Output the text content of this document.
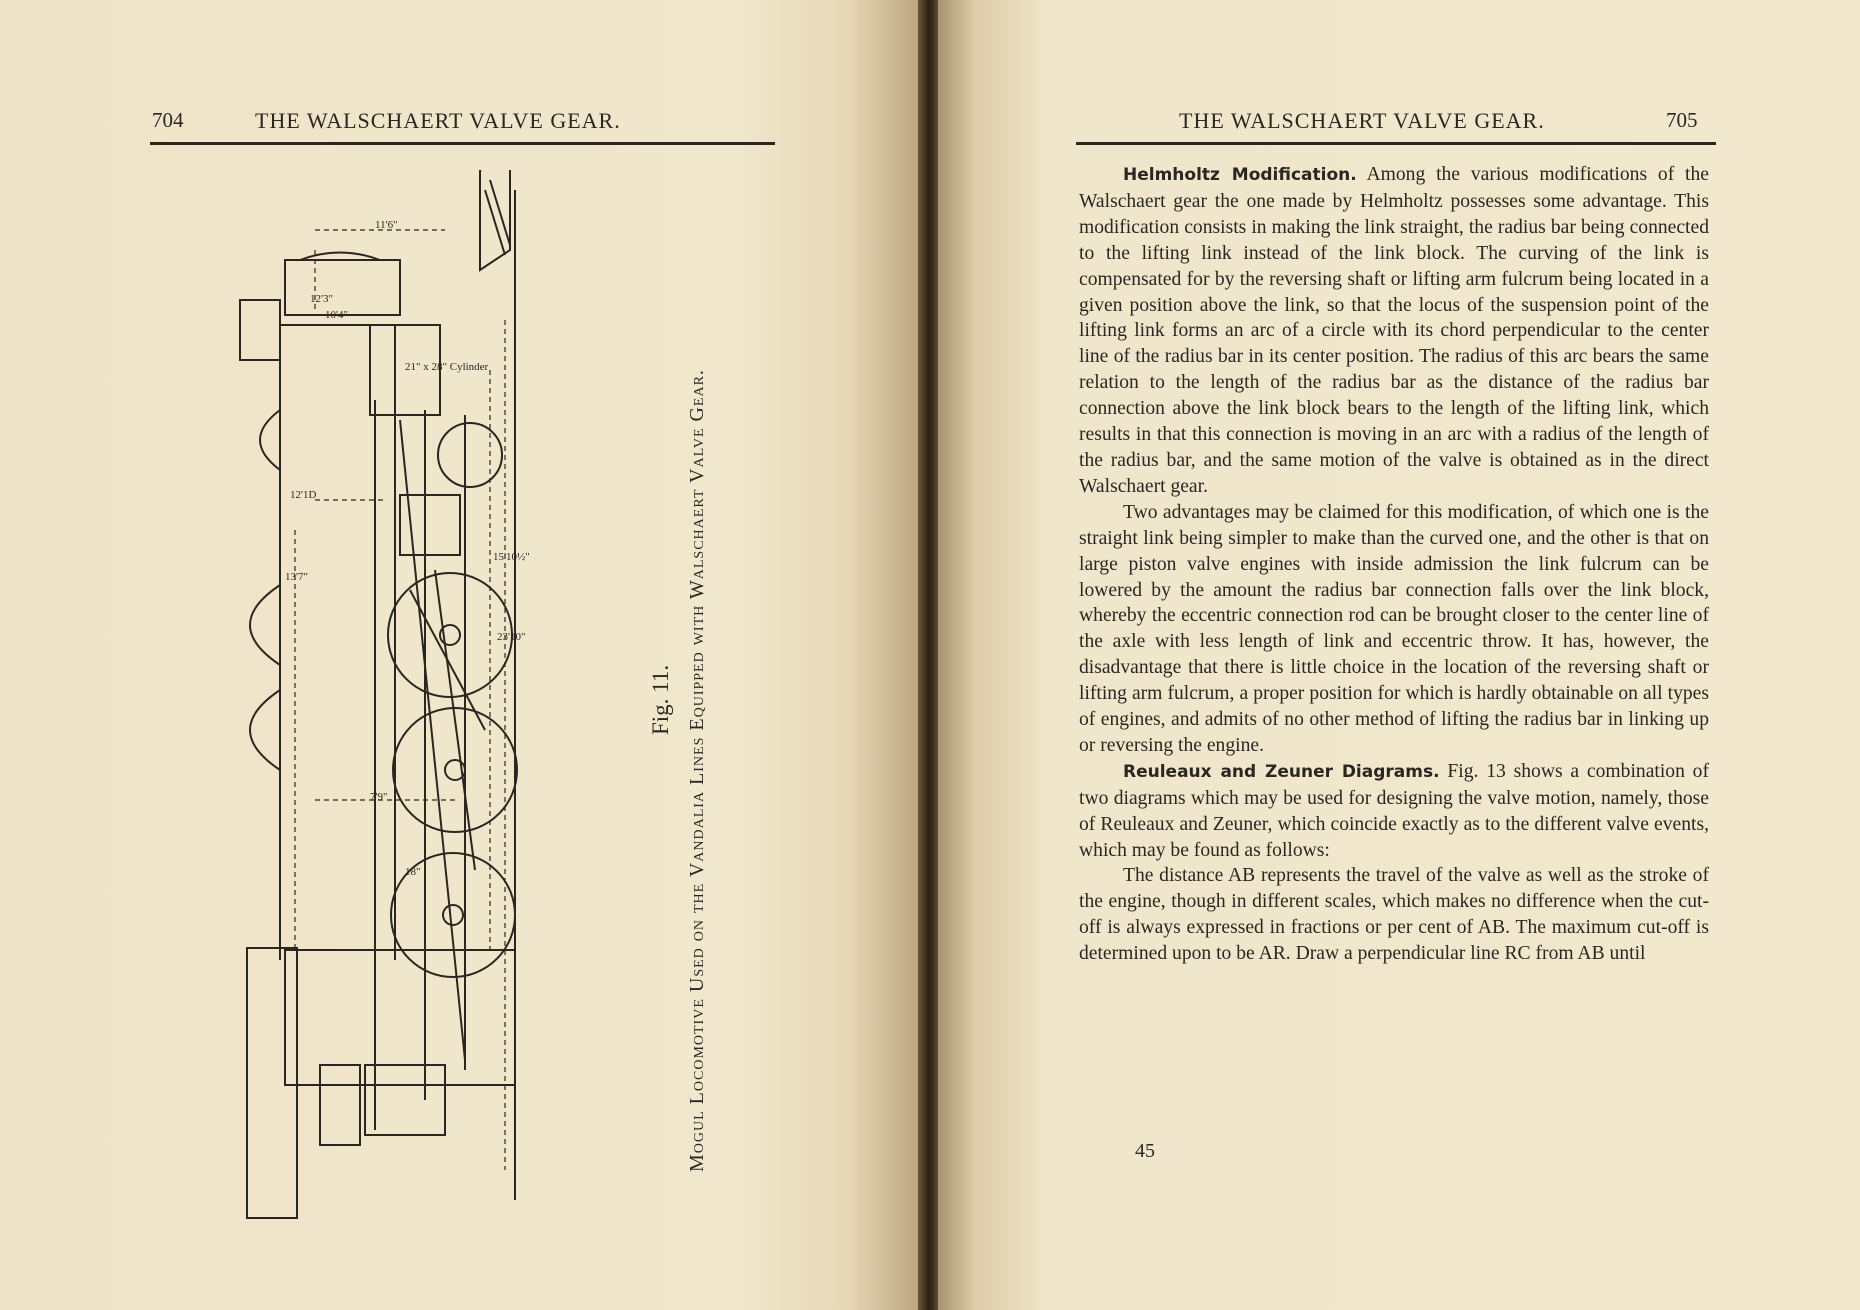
704	THE WALSCHAERT VALVE GEAR.
11'6"
12'3"
10'4"
12'1D
13'7"
21" x 28" Cylinder
15'10½"
23'10"
7'9"
18"
Fig. 11. Mogul Locomotive Used on the Vandalia Lines Equipped with Walschaert Valve Gear.
THE WALSCHAERT VALVE GEAR.	705

Helmholtz Modification. Among the various modifications of the Walschaert gear the one made by Helmholtz possesses some advantage. This modification consists in making the link straight, the radius bar being connected to the lifting link instead of the link block. The curving of the link is compensated for by the reversing shaft or lifting arm fulcrum being located in a given position above the link, so that the locus of the suspension point of the lifting link forms an arc of a circle with its chord perpendicular to the center line of the radius bar in its center position. The radius of this arc bears the same relation to the length of the radius bar as the distance of the radius bar connection above the link block bears to the length of the lifting link, which results in that this connection is moving in an arc with a radius of the length of the radius bar, and the same motion of the valve is obtained as in the direct Walschaert gear.

Two advantages may be claimed for this modification, of which one is the straight link being simpler to make than the curved one, and the other is that on large piston valve engines with inside admission the link fulcrum can be lowered by the amount the radius bar connection falls over the link block, whereby the eccentric connection rod can be brought closer to the center line of the axle with less length of link and eccentric throw. It has, however, the disadvantage that there is little choice in the location of the reversing shaft or lifting arm fulcrum, a proper position for which is hardly obtainable on all types of engines, and admits of no other method of lifting the radius bar in linking up or reversing the engine.

Reuleaux and Zeuner Diagrams. Fig. 13 shows a combination of two diagrams which may be used for designing the valve motion, namely, those of Reuleaux and Zeuner, which coincide exactly as to the different valve events, which may be found as follows:

The distance AB represents the travel of the valve as well as the stroke of the engine, though in different scales, which makes no difference when the cut-off is always expressed in fractions or per cent of AB. The maximum cut-off is determined upon to be AR. Draw a perpendicular line RC from AB until

45
